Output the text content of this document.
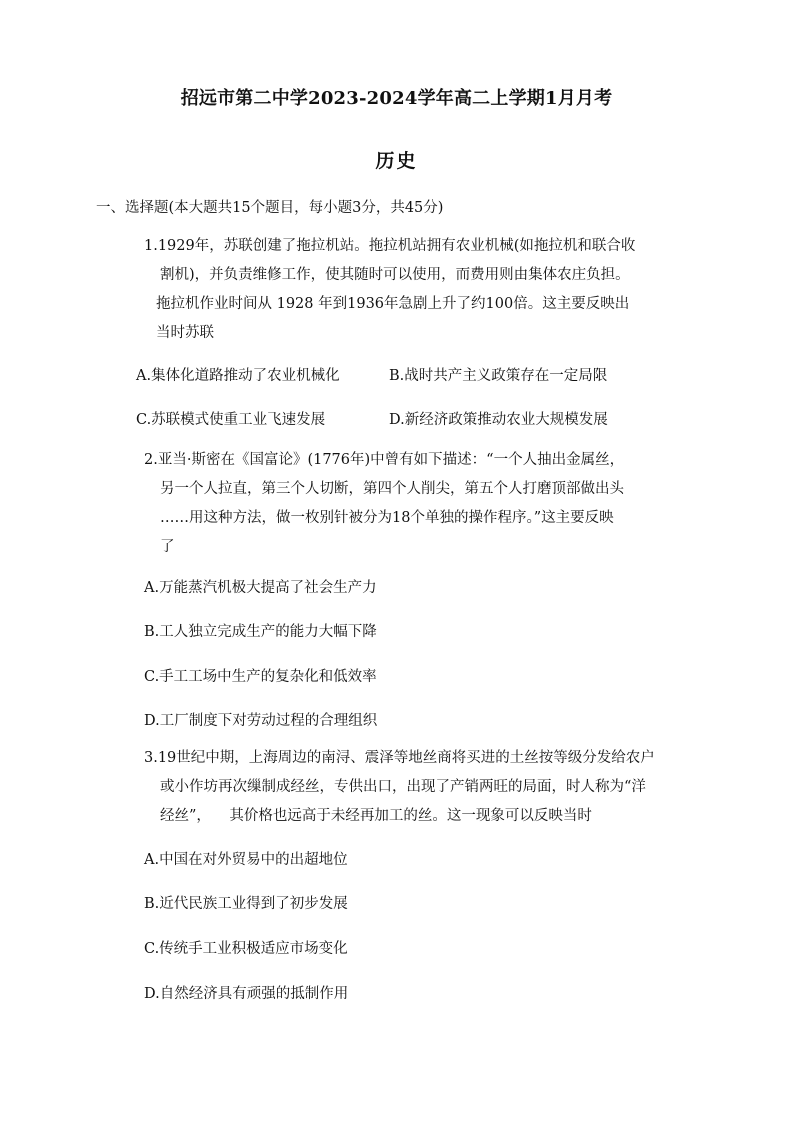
招远市第二中学2023-2024学年高二上学期1月月考
历史
一、选择题(本大题共15个题目，每小题3分，共45分)
1.1929年，苏联创建了拖拉机站。拖拉机站拥有农业机械(如拖拉机和联合收
割机)，并负责维修工作，使其随时可以使用，而费用则由集体农庄负担。
拖拉机作业时间从 1928 年到1936年急剧上升了约100倍。这主要反映出
当时苏联
A.集体化道路推动了农业机械化	B.战时共产主义政策存在一定局限
C.苏联模式使重工业飞速发展	D.新经济政策推动农业大规模发展
2.亚当·斯密在《国富论》(1776年)中曾有如下描述：“一个人抽出金属丝，
另一个人拉直，第三个人切断，第四个人削尖，第五个人打磨顶部做出头
……用这种方法，做一枚别针被分为18个单独的操作程序。”这主要反映
了
A.万能蒸汽机极大提高了社会生产力
B.工人独立完成生产的能力大幅下降
C.手工工场中生产的复杂化和低效率
D.工厂制度下对劳动过程的合理组织
3.19世纪中期，上海周边的南浔、震泽等地丝商将买进的土丝按等级分发给农户
或小作坊再次缫制成经丝，专供出口，出现了产销两旺的局面，时人称为“洋
经丝”，    其价格也远高于未经再加工的丝。这一现象可以反映当时
A.中国在对外贸易中的出超地位
B.近代民族工业得到了初步发展
C.传统手工业积极适应市场变化
D.自然经济具有顽强的抵制作用
